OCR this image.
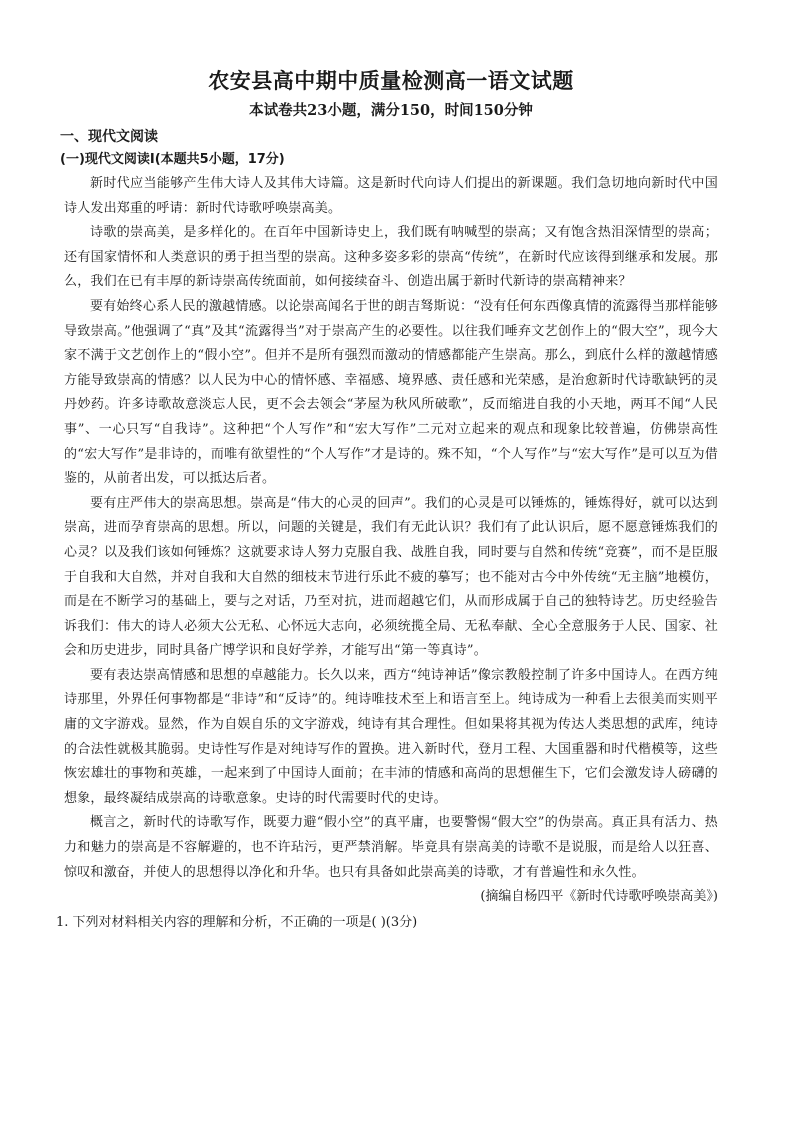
农安县高中期中质量检测高一语文试题
本试卷共23小题，满分150，时间150分钟
一、现代文阅读
(一)现代文阅读Ⅰ(本题共5小题，17分)

新时代应当能够产生伟大诗人及其伟大诗篇。这是新时代向诗人们提出的新课题。我们急切地向新时代中国诗人发出郑重的呼请：新时代诗歌呼唤崇高美。

诗歌的崇高美，是多样化的。在百年中国新诗史上，我们既有呐喊型的崇高；又有饱含热泪深情型的崇高；还有国家情怀和人类意识的勇于担当型的崇高。这种多姿多彩的崇高“传统”，在新时代应该得到继承和发展。那么，我们在已有丰厚的新诗崇高传统面前，如何接续奋斗、创造出属于新时代新诗的崇高精神来？

要有始终心系人民的激越情感。以论崇高闻名于世的朗吉驽斯说：“没有任何东西像真情的流露得当那样能够导致崇高。”他强调了“真”及其“流露得当”对于崇高产生的必要性。以往我们唾弃文艺创作上的“假大空”，现今大家不满于文艺创作上的“假小空”。但并不是所有强烈而激动的情感都能产生崇高。那么，到底什么样的激越情感方能导致崇高的情感？以人民为中心的情怀感、幸福感、境界感、责任感和光荣感，是治愈新时代诗歌缺钙的灵丹妙药。许多诗歌故意淡忘人民，更不会去领会“茅屋为秋风所破歌”，反而缩进自我的小天地，两耳不闻“人民事”、一心只写“自我诗”。这种把“个人写作”和“宏大写作”二元对立起来的观点和现象比较普遍，仿佛崇高性的“宏大写作”是非诗的，而唯有欲望性的“个人写作”才是诗的。殊不知，“个人写作”与“宏大写作”是可以互为借鉴的，从前者出发，可以抵达后者。

要有庄严伟大的崇高思想。崇高是“伟大的心灵的回声”。我们的心灵是可以锤炼的，锤炼得好，就可以达到崇高，进而孕育崇高的思想。所以，问题的关键是，我们有无此认识？我们有了此认识后，愿不愿意锤炼我们的心灵？以及我们该如何锤炼？这就要求诗人努力克服自我、战胜自我，同时要与自然和传统“竞赛”，而不是臣服于自我和大自然，并对自我和大自然的细枝末节进行乐此不疲的摹写；也不能对古今中外传统“无主脑”地模仿，而是在不断学习的基础上，要与之对话，乃至对抗，进而超越它们，从而形成属于自己的独特诗艺。历史经验告诉我们：伟大的诗人必须大公无私、心怀远大志向，必须统揽全局、无私奉献、全心全意服务于人民、国家、社会和历史进步，同时具备广博学识和良好学养，才能写出“第一等真诗”。

要有表达崇高情感和思想的卓越能力。长久以来，西方“纯诗神话”像宗教般控制了许多中国诗人。在西方纯诗那里，外界任何事物都是“非诗”和“反诗”的。纯诗唯技术至上和语言至上。纯诗成为一种看上去很美而实则平庸的文字游戏。显然，作为自娱自乐的文字游戏，纯诗有其合理性。但如果将其视为传达人类思想的武库，纯诗的合法性就极其脆弱。史诗性写作是对纯诗写作的置换。进入新时代，登月工程、大国重器和时代楷模等，这些恢宏雄壮的事物和英雄，一起来到了中国诗人面前；在丰沛的情感和高尚的思想催生下，它们会激发诗人磅礴的想象，最终凝结成崇高的诗歌意象。史诗的时代需要时代的史诗。

概言之，新时代的诗歌写作，既要力避“假小空”的真平庸，也要警惕“假大空”的伪崇高。真正具有活力、热力和魅力的崇高是不容解避的，也不许玷污，更严禁消解。毕竟具有崇高美的诗歌不是说服，而是给人以狂喜、惊叹和激奋，并使人的思想得以净化和升华。也只有具备如此崇高美的诗歌，才有普遍性和永久性。

(摘编自杨四平《新时代诗歌呼唤崇高美》)
1. 下列对材料相关内容的理解和分析，不正确的一项是( )(3分)
